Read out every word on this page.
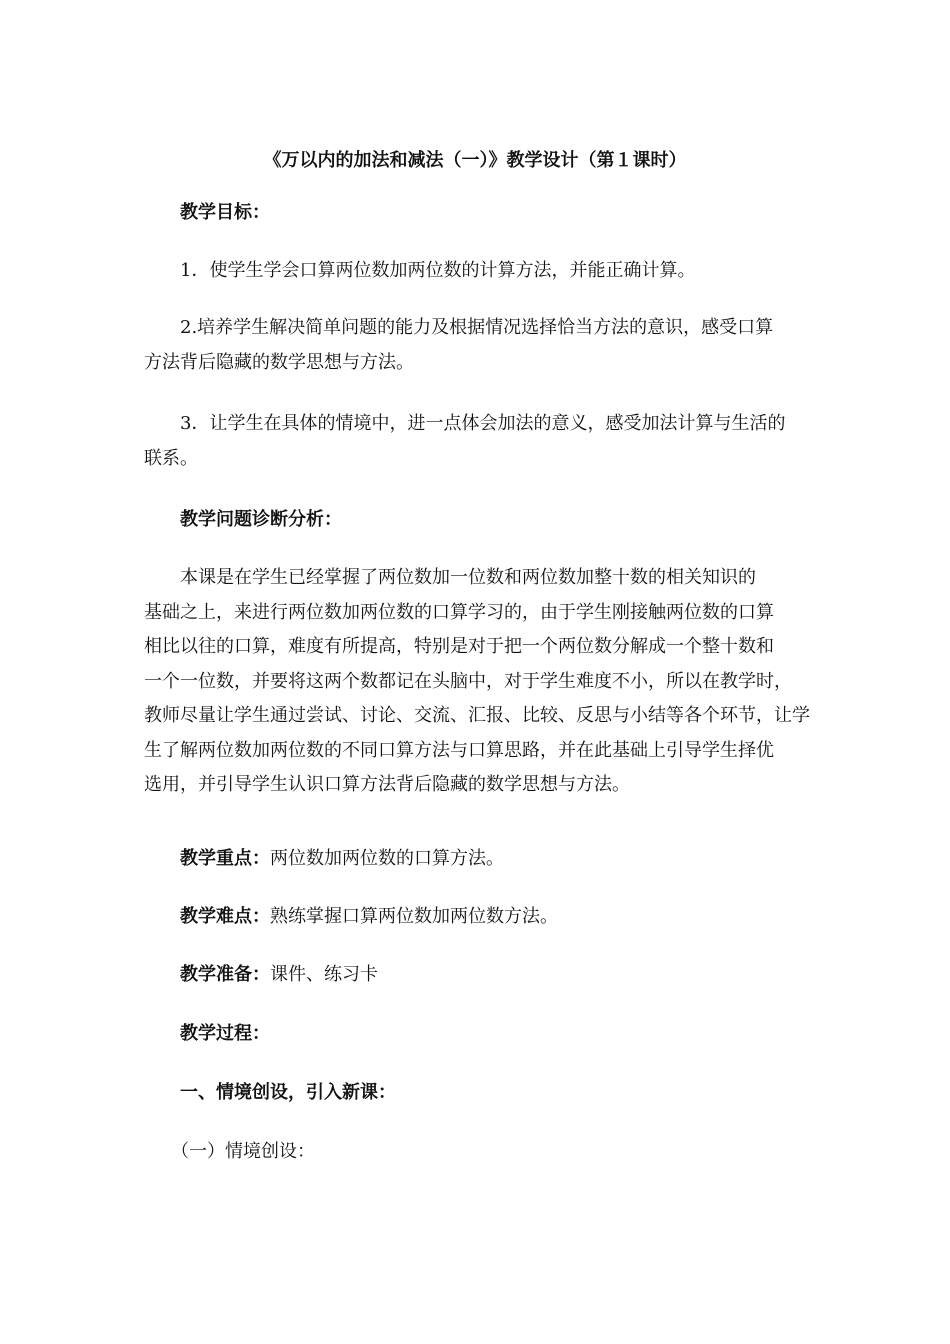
《万以内的加法和减法（一）》教学设计（第１课时）
教学目标：
1．使学生学会口算两位数加两位数的计算方法，并能正确计算。
2.培养学生解决简单问题的能力及根据情况选择恰当方法的意识，感受口算
方法背后隐藏的数学思想与方法。
3．让学生在具体的情境中，进一点体会加法的意义，感受加法计算与生活的
联系。
教学问题诊断分析：
本课是在学生已经掌握了两位数加一位数和两位数加整十数的相关知识的
基础之上，来进行两位数加两位数的口算学习的，由于学生刚接触两位数的口算
相比以往的口算，难度有所提高，特别是对于把一个两位数分解成一个整十数和
一个一位数，并要将这两个数都记在头脑中，对于学生难度不小，所以在教学时，
教师尽量让学生通过尝试、讨论、交流、汇报、比较、反思与小结等各个环节，让学
生了解两位数加两位数的不同口算方法与口算思路，并在此基础上引导学生择优
选用，并引导学生认识口算方法背后隐藏的数学思想与方法。
教学重点：两位数加两位数的口算方法。
教学难点：熟练掌握口算两位数加两位数方法。
教学准备：课件、练习卡
教学过程：
一、情境创设，引入新课：
（一）情境创设：
